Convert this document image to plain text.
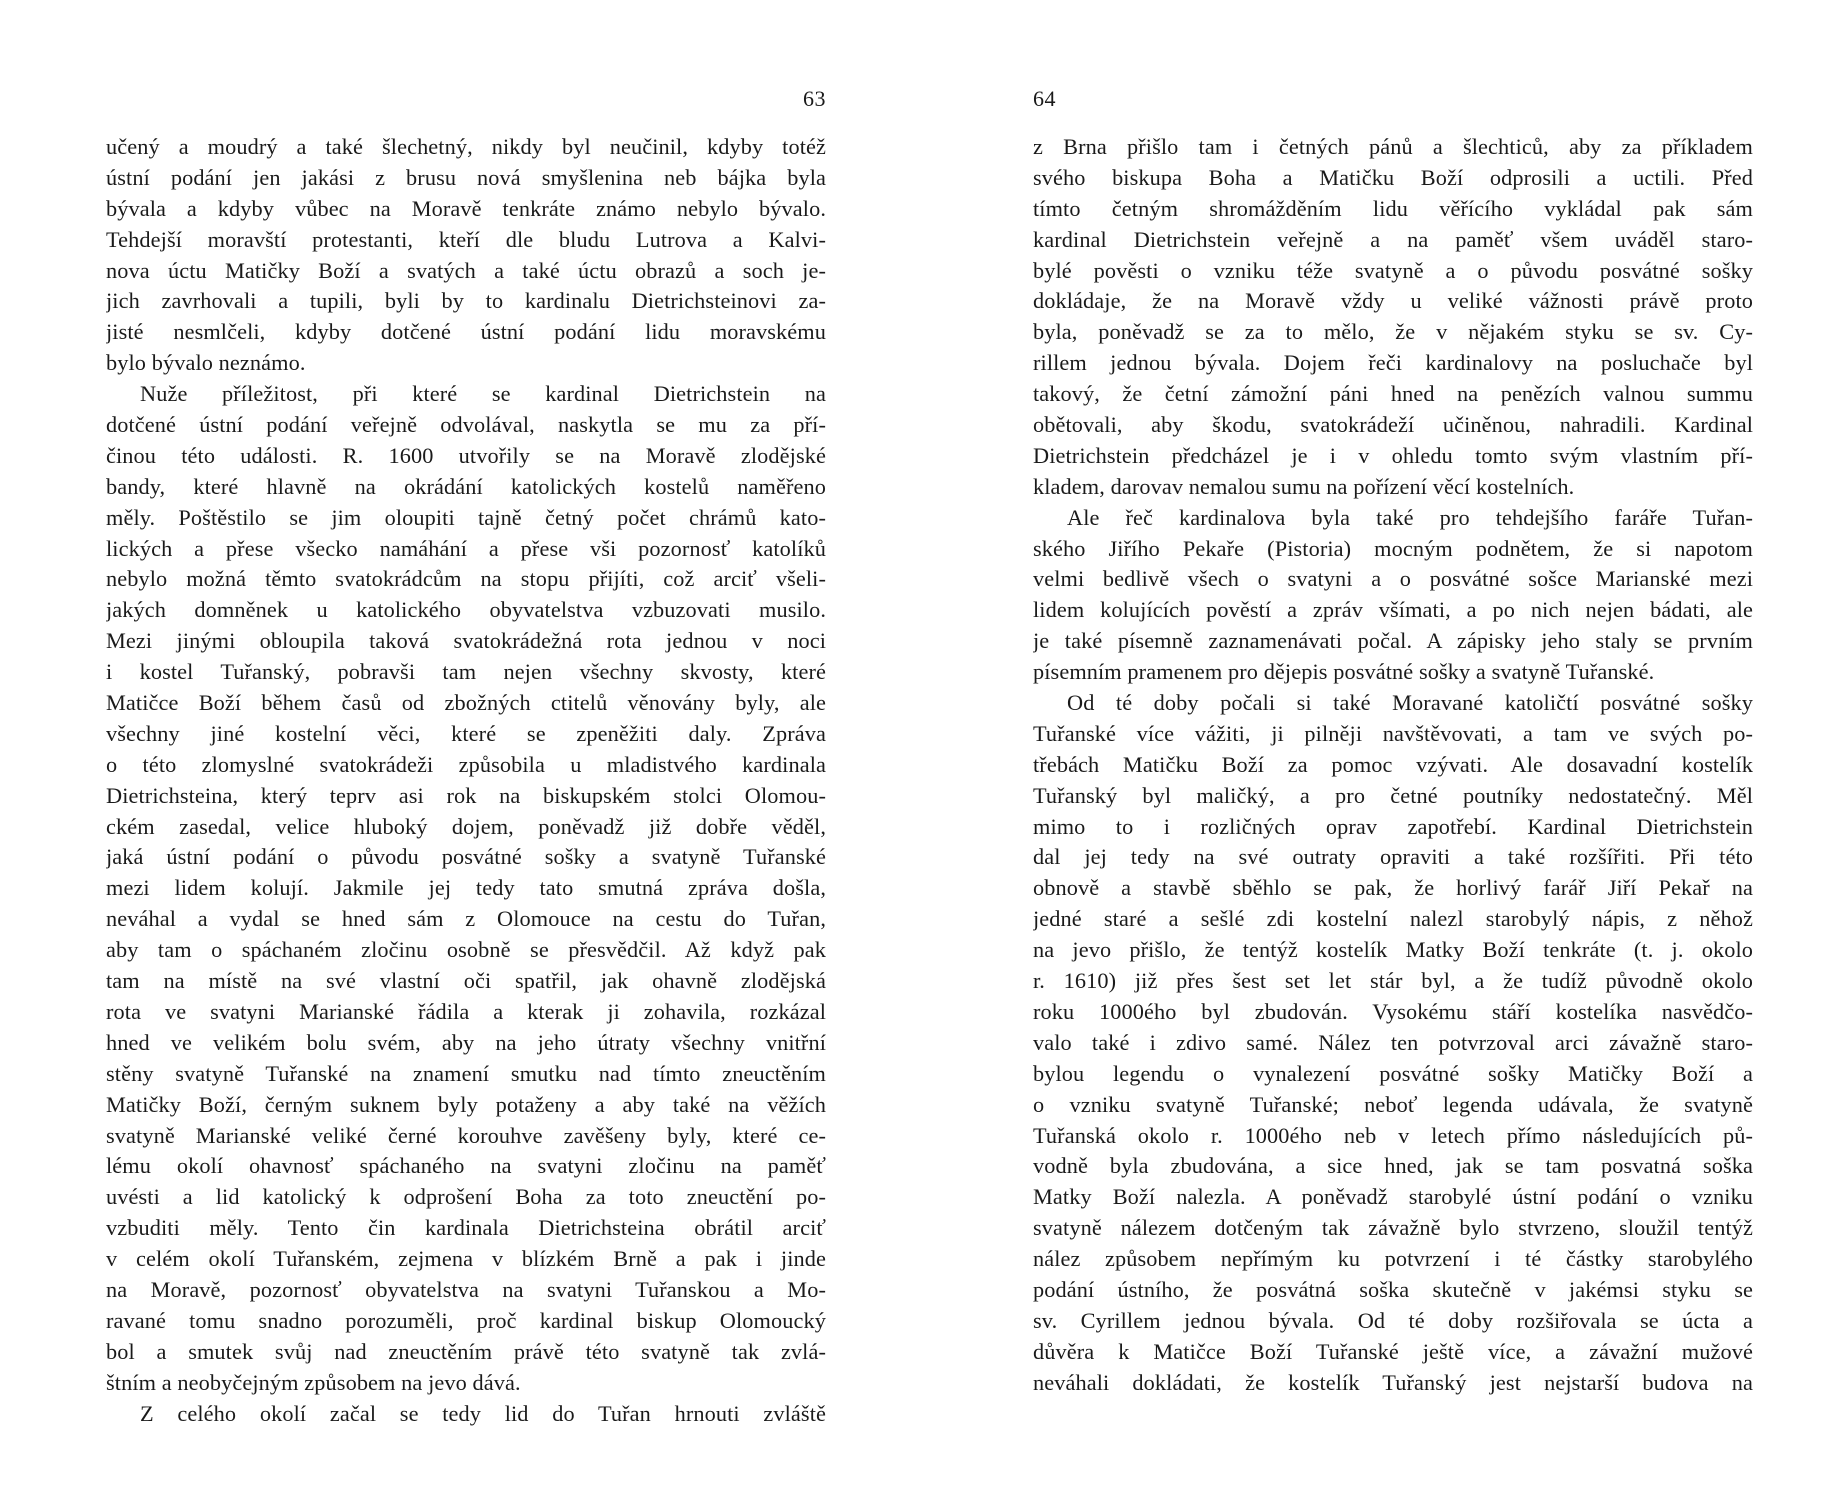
63
učený a moudrý a také šlechetný, nikdy byl neučinil, kdyby totéž
ústní podání jen jakási z brusu nová smyšlenina neb bájka byla
bývala a kdyby vůbec na Moravě tenkráte známo nebylo bývalo.
Tehdejší moravští protestanti, kteří dle bludu Lutrova a Kalvi-
nova úctu Matičky Boží a svatých a také úctu obrazů a soch je-
jich zavrhovali a tupili, byli by to kardinalu Dietrichsteinovi za-
jisté nesmlčeli, kdyby dotčené ústní podání lidu moravskému
bylo bývalo neznámo.
Nuže příležitost, při které se kardinal Dietrichstein na
dotčené ústní podání veřejně odvolával, naskytla se mu za pří-
činou této události. R. 1600 utvořily se na Moravě zlodějské
bandy, které hlavně na okrádání katolických kostelů naměřeno
měly. Poštěstilo se jim oloupiti tajně četný počet chrámů kato-
lických a přese všecko namáhání a přese vši pozornosť katolíků
nebylo možná těmto svatokrádcům na stopu přijíti, což arciť všeli-
jakých domněnek u katolického obyvatelstva vzbuzovati musilo.
Mezi jinými obloupila taková svatokrádežná rota jednou v noci
i kostel Tuřanský, pobravši tam nejen všechny skvosty, které
Matičce Boží během časů od zbožných ctitelů věnovány byly, ale
všechny jiné kostelní věci, které se zpeněžiti daly. Zpráva
o této zlomyslné svatokrádeži způsobila u mladistvého kardinala
Dietrichsteina, který teprv asi rok na biskupském stolci Olomou-
ckém zasedal, velice hluboký dojem, poněvadž již dobře věděl,
jaká ústní podání o původu posvátné sošky a svatyně Tuřanské
mezi lidem kolují. Jakmile jej tedy tato smutná zpráva došla,
neváhal a vydal se hned sám z Olomouce na cestu do Tuřan,
aby tam o spáchaném zločinu osobně se přesvědčil. Až když pak
tam na místě na své vlastní oči spatřil, jak ohavně zlodějská
rota ve svatyni Marianské řádila a kterak ji zohavila, rozkázal
hned ve velikém bolu svém, aby na jeho útraty všechny vnitřní
stěny svatyně Tuřanské na znamení smutku nad tímto zneuctěním
Matičky Boží, černým suknem byly potaženy a aby také na věžích
svatyně Marianské veliké černé korouhve zavěšeny byly, které ce-
lému okolí ohavnosť spáchaného na svatyni zločinu na paměť
uvésti a lid katolický k odprošení Boha za toto zneuctění po-
vzbuditi měly. Tento čin kardinala Dietrichsteina obrátil arciť
v celém okolí Tuřanském, zejmena v blízkém Brně a pak i jinde
na Moravě, pozornosť obyvatelstva na svatyni Tuřanskou a Mo-
ravané tomu snadno porozuměli, proč kardinal biskup Olomoucký
bol a smutek svůj nad zneuctěním právě této svatyně tak zvlá-
štním a neobyčejným způsobem na jevo dává.
Z celého okolí začal se tedy lid do Tuřan hrnouti zvláště
64
z Brna přišlo tam i četných pánů a šlechticů, aby za příkladem
svého biskupa Boha a Matičku Boží odprosili a uctili. Před
tímto četným shromážděním lidu věřícího vykládal pak sám
kardinal Dietrichstein veřejně a na paměť všem uváděl staro-
bylé pověsti o vzniku téže svatyně a o původu posvátné sošky
dokládaje, že na Moravě vždy u veliké vážnosti právě proto
byla, poněvadž se za to mělo, že v nějakém styku se sv. Cy-
rillem jednou bývala. Dojem řeči kardinalovy na posluchače byl
takový, že četní zámožní páni hned na penězích valnou summu
obětovali, aby škodu, svatokrádeží učiněnou, nahradili. Kardinal
Dietrichstein předcházel je i v ohledu tomto svým vlastním pří-
kladem, darovav nemalou sumu na pořízení věcí kostelních.
Ale řeč kardinalova byla také pro tehdejšího faráře Tuřan-
ského Jiřího Pekaře (Pistoria) mocným podnětem, že si napotom
velmi bedlivě všech o svatyni a o posvátné sošce Marianské mezi
lidem kolujících pověstí a zpráv všímati, a po nich nejen bádati, ale
je také písemně zaznamenávati počal. A zápisky jeho staly se prvním
písemním pramenem pro dějepis posvátné sošky a svatyně Tuřanské.
Od té doby počali si také Moravané katoličtí posvátné sošky
Tuřanské více vážiti, ji pilněji navštěvovati, a tam ve svých po-
třebách Matičku Boží za pomoc vzývati. Ale dosavadní kostelík
Tuřanský byl maličký, a pro četné poutníky nedostatečný. Měl
mimo to i rozličných oprav zapotřebí. Kardinal Dietrichstein
dal jej tedy na své outraty opraviti a také rozšířiti. Při této
obnově a stavbě sběhlo se pak, že horlivý farář Jiří Pekař na
jedné staré a sešlé zdi kostelní nalezl starobylý nápis, z něhož
na jevo přišlo, že tentýž kostelík Matky Boží tenkráte (t. j. okolo
r. 1610) již přes šest set let stár byl, a že tudíž původně okolo
roku 1000ého byl zbudován. Vysokému stáří kostelíka nasvědčo-
valo také i zdivo samé. Nález ten potvrzoval arci závažně staro-
bylou legendu o vynalezení posvátné sošky Matičky Boží a
o vzniku svatyně Tuřanské; neboť legenda udávala, že svatyně
Tuřanská okolo r. 1000ého neb v letech přímo následujících pů-
vodně byla zbudována, a sice hned, jak se tam posvatná soška
Matky Boží nalezla. A poněvadž starobylé ústní podání o vzniku
svatyně nálezem dotčeným tak závažně bylo stvrzeno, sloužil tentýž
nález způsobem nepřímým ku potvrzení i té částky starobylého
podání ústního, že posvátná soška skutečně v jakémsi styku se
sv. Cyrillem jednou bývala. Od té doby rozšiřovala se úcta a
důvěra k Matičce Boží Tuřanské ještě více, a závažní mužové
neváhali dokládati, že kostelík Tuřanský jest nejstarší budova na
